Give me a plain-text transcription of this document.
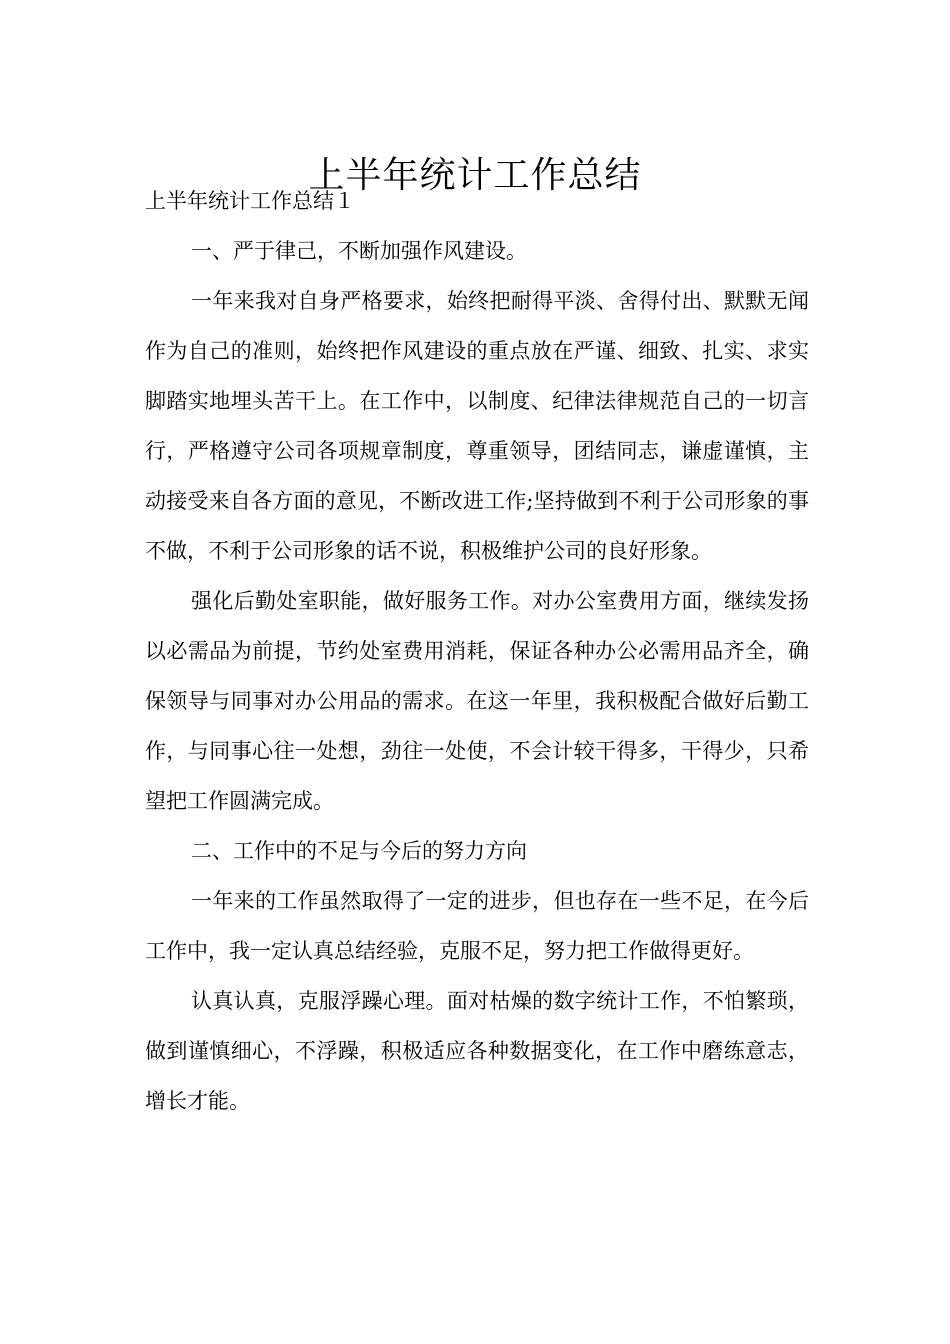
上半年统计工作总结

上半年统计工作总结１

一、严于律己，不断加强作风建设。

一年来我对自身严格要求，始终把耐得平淡、舍得付出、默默无闻作为自己的准则，始终把作风建设的重点放在严谨、细致、扎实、求实脚踏实地埋头苦干上。在工作中，以制度、纪律法律规范自己的一切言行，严格遵守公司各项规章制度，尊重领导，团结同志，谦虚谨慎，主动接受来自各方面的意见，不断改进工作;坚持做到不利于公司形象的事不做，不利于公司形象的话不说，积极维护公司的良好形象。

强化后勤处室职能，做好服务工作。对办公室费用方面，继续发扬以必需品为前提，节约处室费用消耗，保证各种办公必需用品齐全，确保领导与同事对办公用品的需求。在这一年里，我积极配合做好后勤工作，与同事心往一处想，劲往一处使，不会计较干得多，干得少，只希望把工作圆满完成。

二、工作中的不足与今后的努力方向

一年来的工作虽然取得了一定的进步，但也存在一些不足，在今后工作中，我一定认真总结经验，克服不足，努力把工作做得更好。

认真认真，克服浮躁心理。面对枯燥的数字统计工作，不怕繁琐，做到谨慎细心，不浮躁，积极适应各种数据变化，在工作中磨练意志，增长才能。
